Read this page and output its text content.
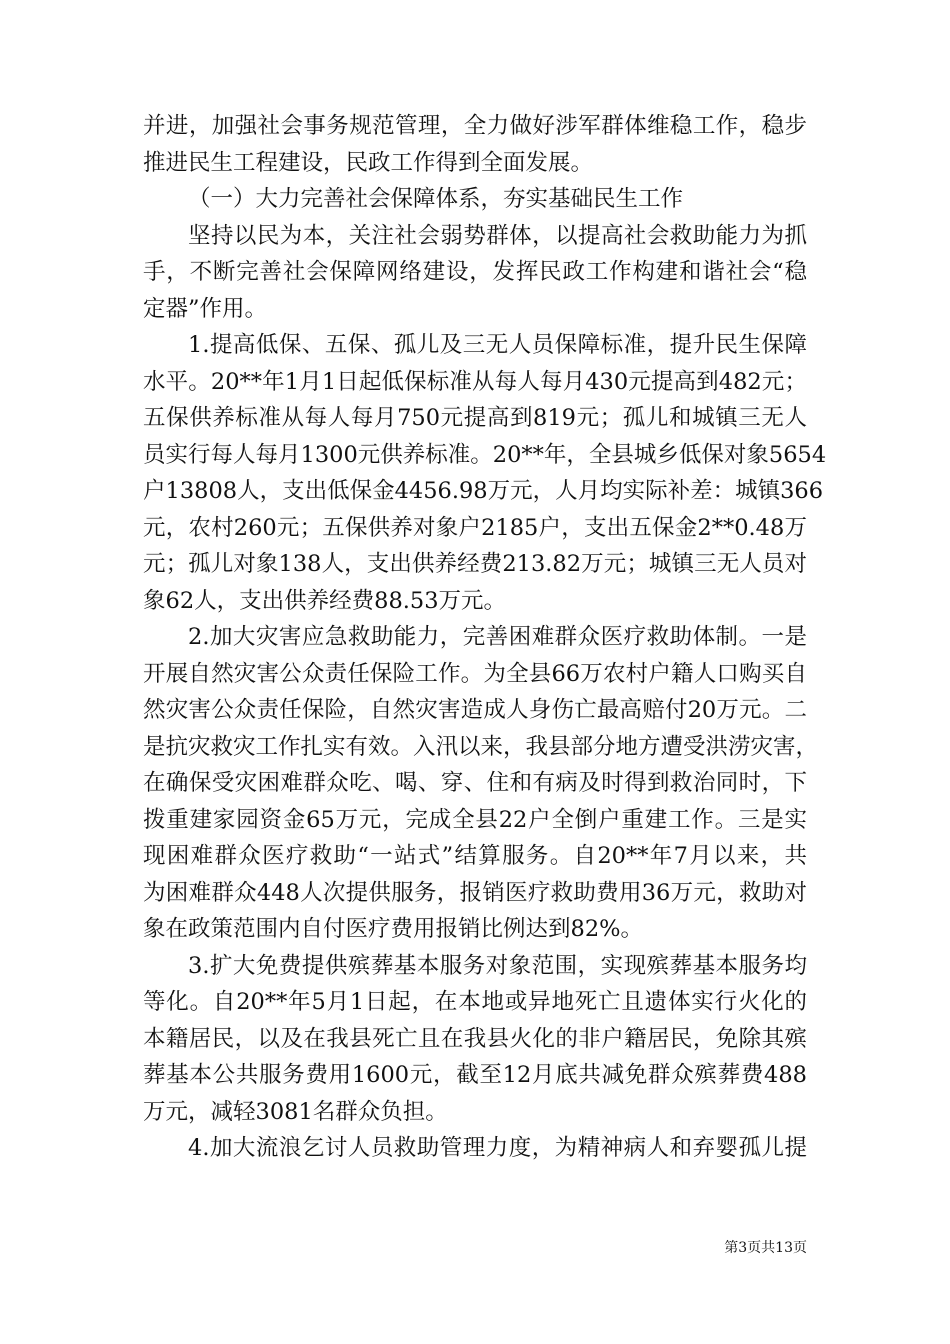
并进，加强社会事务规范管理，全力做好涉军群体维稳工作，稳步
推进民生工程建设，民政工作得到全面发展。
（一）大力完善社会保障体系，夯实基础民生工作
坚持以民为本，关注社会弱势群体，以提高社会救助能力为抓
手，不断完善社会保障网络建设，发挥民政工作构建和谐社会“稳
定器”作用。
1.提高低保、五保、孤儿及三无人员保障标准，提升民生保障
水平。20**年1月1日起低保标准从每人每月430元提高到482元；
五保供养标准从每人每月750元提高到819元；孤儿和城镇三无人
员实行每人每月1300元供养标准。20**年，全县城乡低保对象5654
户13808人，支出低保金4456.98万元，人月均实际补差：城镇366
元，农村260元；五保供养对象户2185户，支出五保金2**0.48万
元；孤儿对象138人，支出供养经费213.82万元；城镇三无人员对
象62人，支出供养经费88.53万元。
2.加大灾害应急救助能力，完善困难群众医疗救助体制。一是
开展自然灾害公众责任保险工作。为全县66万农村户籍人口购买自
然灾害公众责任保险，自然灾害造成人身伤亡最高赔付20万元。二
是抗灾救灾工作扎实有效。入汛以来，我县部分地方遭受洪涝灾害，
在确保受灾困难群众吃、喝、穿、住和有病及时得到救治同时，下
拨重建家园资金65万元，完成全县22户全倒户重建工作。三是实
现困难群众医疗救助“一站式”结算服务。自20**年7月以来，共
为困难群众448人次提供服务，报销医疗救助费用36万元，救助对
象在政策范围内自付医疗费用报销比例达到82%。
3.扩大免费提供殡葬基本服务对象范围，实现殡葬基本服务均
等化。自20**年5月1日起，在本地或异地死亡且遗体实行火化的
本籍居民，以及在我县死亡且在我县火化的非户籍居民，免除其殡
葬基本公共服务费用1600元，截至12月底共减免群众殡葬费488
万元，减轻3081名群众负担。
4.加大流浪乞讨人员救助管理力度，为精神病人和弃婴孤儿提
第3页共13页
